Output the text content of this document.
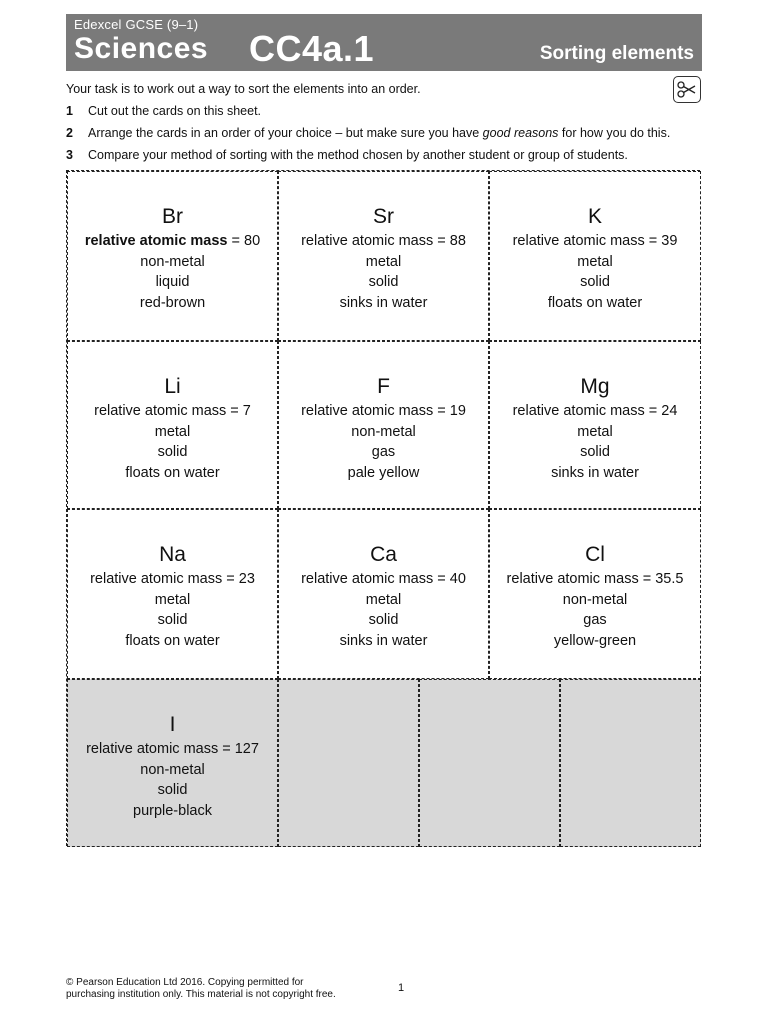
Edexcel GCSE (9–1)
Sciences CC4a.1	Sorting elements
Your task is to work out a way to sort the elements into an order.
1 Cut out the cards on this sheet.
2 Arrange the cards in an order of your choice – but make sure you have good reasons for how you do this.
3 Compare your method of sorting with the method chosen by another student or group of students.
Br
relative atomic mass = 80
non-metal
liquid
red-brown
Sr
relative atomic mass = 88
metal
solid
sinks in water
K
relative atomic mass = 39
metal
solid
floats on water
Li
relative atomic mass = 7
metal
solid
floats on water
F
relative atomic mass = 19
non-metal
gas
pale yellow
Mg
relative atomic mass = 24
metal
solid
sinks in water
Na
relative atomic mass = 23
metal
solid
floats on water
Ca
relative atomic mass = 40
metal
solid
sinks in water
Cl
relative atomic mass = 35.5
non-metal
gas
yellow-green
I
relative atomic mass = 127
non-metal
solid
purple-black
© Pearson Education Ltd 2016. Copying permitted for
purchasing institution only. This material is not copyright free.
1
